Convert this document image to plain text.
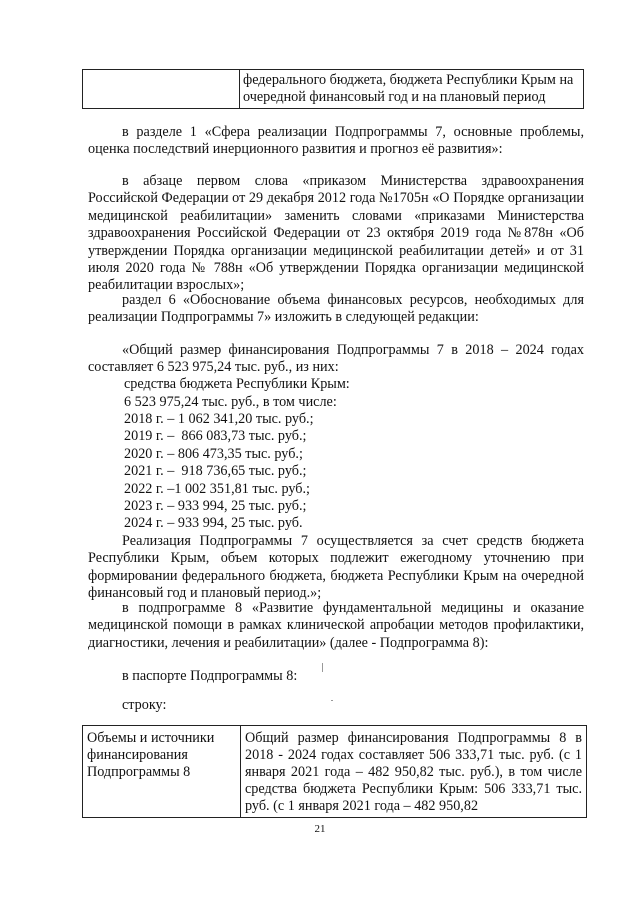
	федерального бюджета, бюджета Республики Крым на очередной финансовый год и на плановый период
в разделе 1 «Сфера реализации Подпрограммы 7, основные проблемы, оценка последствий инерционного развития и прогноз её развития»:
в абзаце первом слова «приказом Министерства здравоохранения Российской Федерации от 29 декабря 2012 года №1705н «О Порядке организации медицинской реабилитации» заменить словами «приказами Министерства здравоохранения Российской Федерации от 23 октября 2019 года №878н «Об утверждении Порядка организации медицинской реабилитации детей» и от 31 июля 2020 года № 788н «Об утверждении Порядка организации медицинской реабилитации взрослых»;
раздел 6 «Обоснование объема финансовых ресурсов, необходимых для реализации Подпрограммы 7» изложить в следующей редакции:
«Общий размер финансирования Подпрограммы 7 в 2018 – 2024 годах составляет 6 523 975,24 тыс. руб., из них:
средства бюджета Республики Крым:
6 523 975,24 тыс. руб., в том числе:
2018 г. – 1 062 341,20 тыс. руб.;
2019 г. –  866 083,73 тыс. руб.;
2020 г. – 806 473,35 тыс. руб.;
2021 г. –  918 736,65 тыс. руб.;
2022 г. –1 002 351,81 тыс. руб.;
2023 г. – 933 994, 25 тыс. руб.;
2024 г. – 933 994, 25 тыс. руб.
Реализация Подпрограммы 7 осуществляется за счет средств бюджета Республики Крым, объем которых подлежит ежегодному уточнению при формировании федерального бюджета, бюджета Республики Крым на очередной финансовый год и плановый период.»;
в подпрограмме 8 «Развитие фундаментальной медицины и оказание медицинской помощи в рамках клинической апробации методов профилактики, диагностики, лечения и реабилитации» (далее - Подпрограмма 8):
в паспорте Подпрограммы 8:
строку:
Объемы и источники финансирования Подпрограммы 8	Общий размер финансирования Подпрограммы 8 в 2018 - 2024 годах составляет 506 333,71 тыс. руб. (с 1 января 2021 года – 482 950,82 тыс. руб.), в том числе средства бюджета Республики Крым: 506 333,71 тыс. руб. (с 1 января 2021 года – 482 950,82
21
